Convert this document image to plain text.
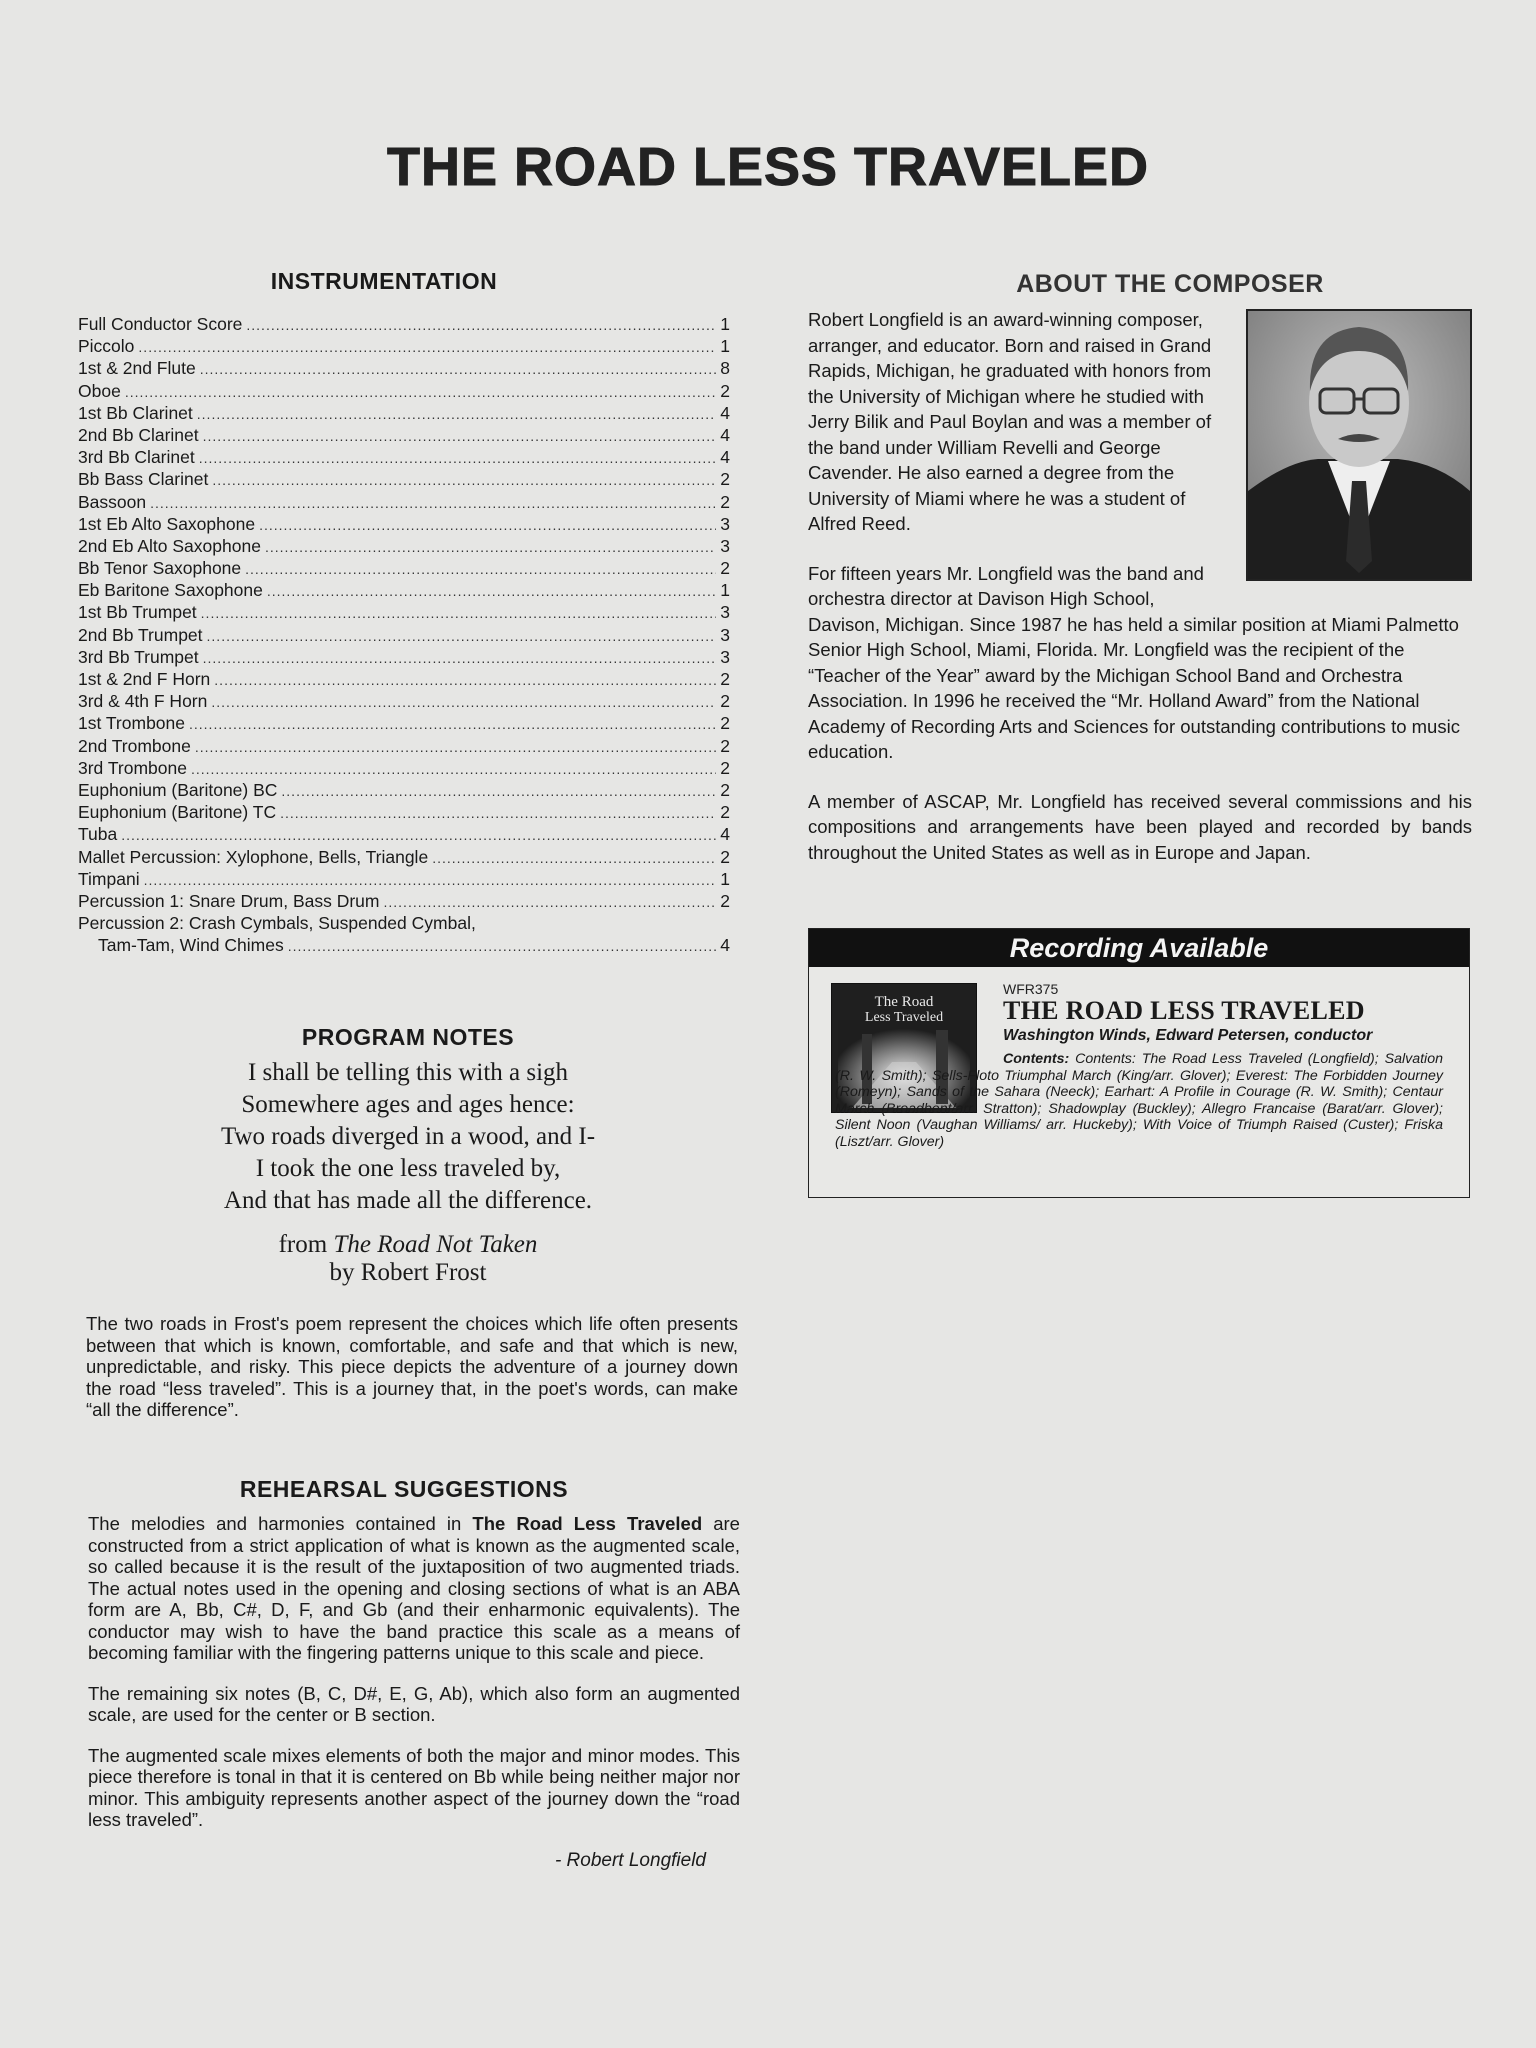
THE ROAD LESS TRAVELED
INSTRUMENTATION
Full Conductor Score .....	1
Piccolo .....	1
1st & 2nd Flute .....	8
Oboe .....	2
1st Bb Clarinet .....	4
2nd Bb Clarinet .....	4
3rd Bb Clarinet .....	4
Bb Bass Clarinet .....	2
Bassoon .....	2
1st Eb Alto Saxophone .....	3
2nd Eb Alto Saxophone .....	3
Bb Tenor Saxophone .....	2
Eb Baritone Saxophone .....	1
1st Bb Trumpet .....	3
2nd Bb Trumpet .....	3
3rd Bb Trumpet .....	3
1st & 2nd F Horn .....	2
3rd & 4th F Horn .....	2
1st Trombone .....	2
2nd Trombone .....	2
3rd Trombone .....	2
Euphonium (Baritone) BC .....	2
Euphonium (Baritone) TC .....	2
Tuba .....	4
Mallet Percussion: Xylophone, Bells, Triangle .....	2
Timpani .....	1
Percussion 1: Snare Drum, Bass Drum .....	2
Percussion 2: Crash Cymbals, Suspended Cymbal,
Tam-Tam, Wind Chimes .....	4
PROGRAM NOTES
I shall be telling this with a sigh
Somewhere ages and ages hence:
Two roads diverged in a wood, and I-
I took the one less traveled by,
And that has made all the difference.
from The Road Not Taken
by Robert Frost
The two roads in Frost's poem represent the choices which life often presents between that which is known, comfortable, and safe and that which is new, unpredictable, and risky. This piece depicts the adventure of a journey down the road “less traveled”. This is a journey that, in the poet's words, can make “all the difference”.
REHEARSAL SUGGESTIONS

The melodies and harmonies contained in The Road Less Traveled are constructed from a strict application of what is known as the augmented scale, so called because it is the result of the juxtaposition of two augmented triads. The actual notes used in the opening and closing sections of what is an ABA form are A, Bb, C#, D, F, and Gb (and their enharmonic equivalents). The conductor may wish to have the band practice this scale as a means of becoming familiar with the fingering patterns unique to this scale and piece.

The remaining six notes (B, C, D#, E, G, Ab), which also form an augmented scale, are used for the center or B section.

The augmented scale mixes elements of both the major and minor modes. This piece therefore is tonal in that it is centered on Bb while being neither major nor minor. This ambiguity represents another aspect of the journey down the “road less traveled”.

- Robert Longfield
ABOUT THE COMPOSER

Robert Longfield is an award-winning composer, arranger, and educator. Born and raised in Grand Rapids, Michigan, he graduated with honors from the University of Michigan where he studied with Jerry Bilik and Paul Boylan and was a member of the band under William Revelli and George Cavender. He also earned a degree from the University of Miami where he was a student of Alfred Reed.

For fifteen years Mr. Longfield was the band and orchestra director at Davison High School, Davison, Michigan. Since 1987 he has held a similar position at Miami Palmetto Senior High School, Miami, Florida. Mr. Longfield was the recipient of the “Teacher of the Year” award by the Michigan School Band and Orchestra Association. In 1996 he received the “Mr. Holland Award” from the National Academy of Recording Arts and Sciences for outstanding contributions to music education.

A member of ASCAP, Mr. Longfield has received several commissions and his compositions and arrangements have been played and recorded by bands throughout the United States as well as in Europe and Japan.

Recording Available
The Road
Less Traveled
WFR375
THE ROAD LESS TRAVELED
Washington Winds, Edward Petersen, conductor
Contents: Contents: The Road Less Traveled (Longfield); Salvation (R. W. Smith); Sells-Floto Triumphal March (King/arr. Glover); Everest: The Forbidden Journey (Romeyn); Sands of the Sahara (Neeck); Earhart: A Profile in Courage (R. W. Smith); Centaur March (Broadbent/arr. Stratton); Shadowplay (Buckley); Allegro Francaise (Barat/arr. Glover); Silent Noon (Vaughan Williams/ arr. Huckeby); With Voice of Triumph Raised (Custer); Friska (Liszt/arr. Glover)
